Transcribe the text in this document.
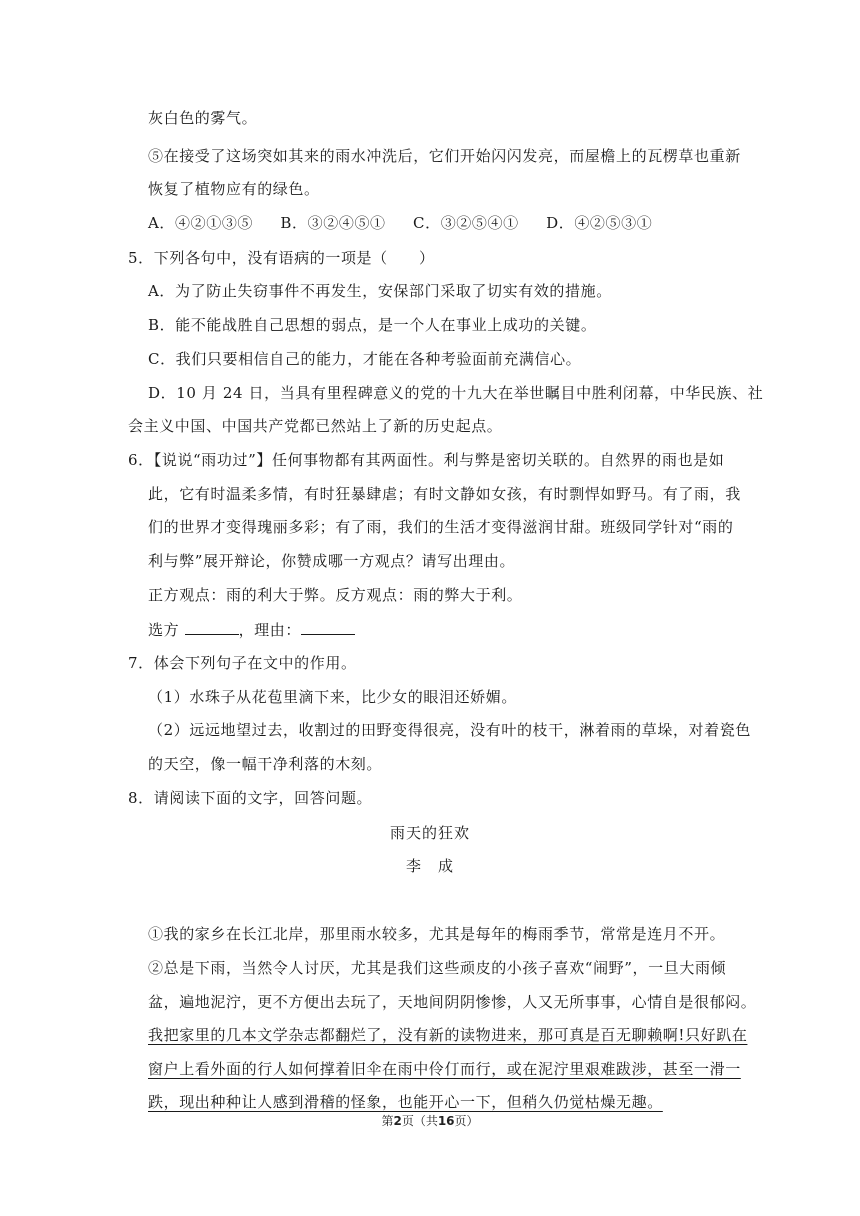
灰白色的雾气。
⑤在接受了这场突如其来的雨水冲洗后，它们开始闪闪发亮，而屋檐上的瓦楞草也重新
恢复了植物应有的绿色。
A．④②①③⑤ B．③②④⑤① C．③②⑤④① D．④②⑤③①
5．下列各句中，没有语病的一项是（　　）
A．为了防止失窃事件不再发生，安保部门采取了切实有效的措施。
B．能不能战胜自己思想的弱点，是一个人在事业上成功的关键。
C．我们只要相信自己的能力，才能在各种考验面前充满信心。
D．10 月 24 日，当具有里程碑意义的党的十九大在举世瞩目中胜利闭幕，中华民族、社
会主义中国、中国共产党都已然站上了新的历史起点。
6．【说说“雨功过”】任何事物都有其两面性。利与弊是密切关联的。自然界的雨也是如
此，它有时温柔多情，有时狂暴肆虐；有时文静如女孩，有时剽悍如野马。有了雨，我
们的世界才变得瑰丽多彩；有了雨，我们的生活才变得滋润甘甜。班级同学针对“雨的
利与弊”展开辩论，你赞成哪一方观点？请写出理由。
正方观点：雨的利大于弊。反方观点：雨的弊大于利。
选方	，理由：
7．体会下列句子在文中的作用。
（1）水珠子从花苞里滴下来，比少女的眼泪还娇媚。
（2）远远地望过去，收割过的田野变得很亮，没有叶的枝干，淋着雨的草垛，对着瓷色
的天空，像一幅干净利落的木刻。
8．请阅读下面的文字，回答问题。
雨天的狂欢
李　成
①我的家乡在长江北岸，那里雨水较多，尤其是每年的梅雨季节，常常是连月不开。
②总是下雨，当然令人讨厌，尤其是我们这些顽皮的小孩子喜欢“闹野”，一旦大雨倾
盆，遍地泥泞，更不方便出去玩了，天地间阴阴惨惨，人又无所事事，心情自是很郁闷。
我把家里的几本文学杂志都翻烂了，没有新的读物进来，那可真是百无聊赖啊!只好趴在
窗户上看外面的行人如何撑着旧伞在雨中伶仃而行，或在泥泞里艰难跋涉，甚至一滑一
跌，现出种种让人感到滑稽的怪象，也能开心一下，但稍久仍觉枯燥无趣。
第2页（共16页）
